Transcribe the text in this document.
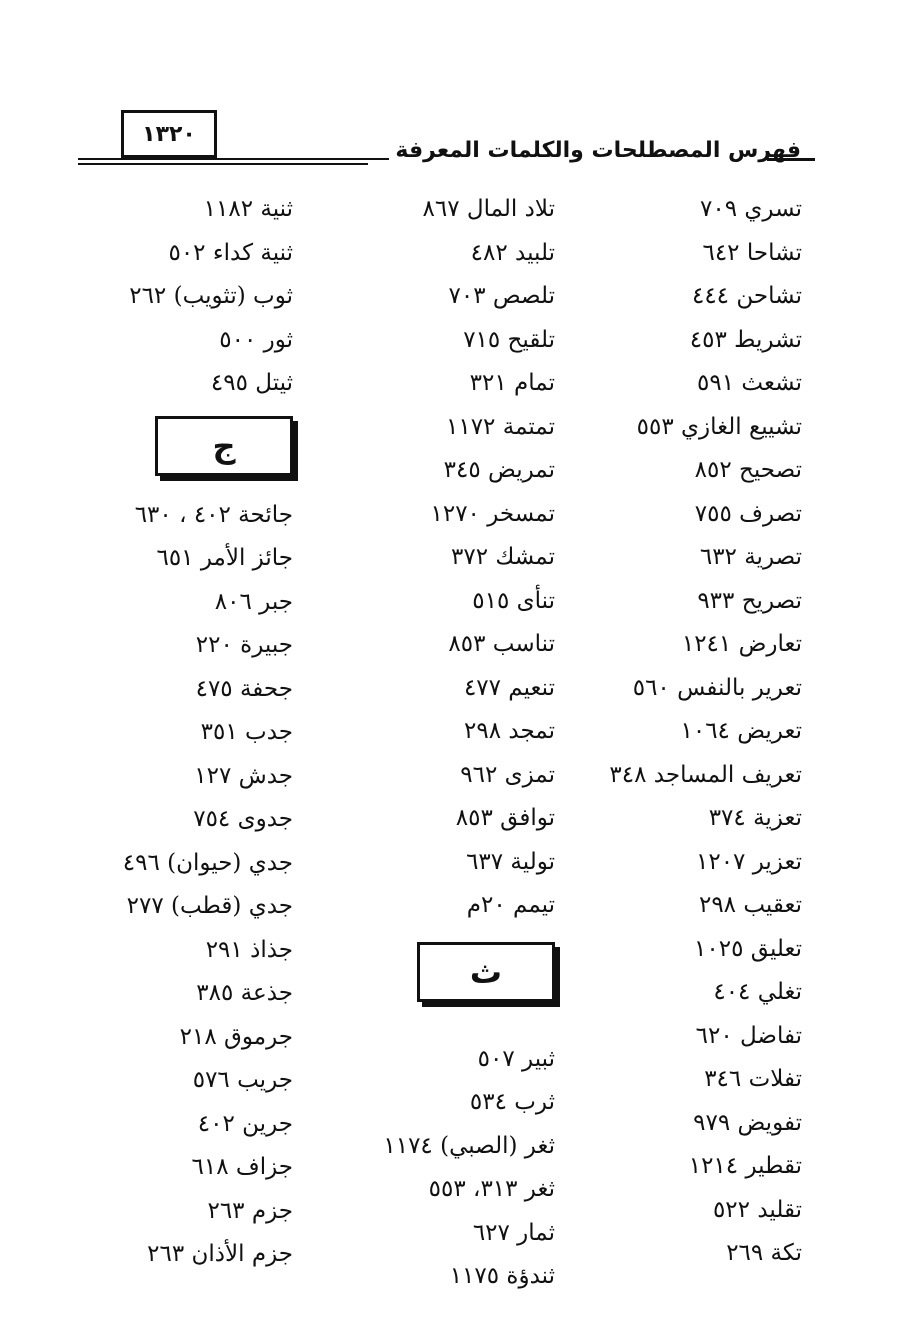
١٣٢٠
فهرس المصطلحات والكلمات المعرفة
تسري ٧٠٩
تشاحا ٦٤٢
تشاحن ٤٤٤
تشريط ٤٥٣
تشعث ٥٩١
تشييع الغازي ٥٥٣
تصحيح ٨٥٢
تصرف ٧٥٥
تصرية ٦٣٢
تصريح ٩٣٣
تعارض ١٢٤١
تعرير بالنفس ٥٦٠
تعريض ١٠٦٤
تعريف المساجد ٣٤٨
تعزية ٣٧٤
تعزير ١٢٠٧
تعقيب ٢٩٨
تعليق ١٠٢٥
تغلي ٤٠٤
تفاضل ٦٢٠
تفلات ٣٤٦
تفويض ٩٧٩
تقطير ١٢١٤
تقليد ٥٢٢
تكة ٢٦٩
تلاد المال ٨٦٧
تلبيد ٤٨٢
تلصص ٧٠٣
تلقيح ٧١٥
تمام ٣٢١
تمتمة ١١٧٢
تمريض ٣٤٥
تمسخر ١٢٧٠
تمشك ٣٧٢
تنأى ٥١٥
تناسب ٨٥٣
تنعيم ٤٧٧
تمجد ٢٩٨
تمزى ٩٦٢
توافق ٨٥٣
تولية ٦٣٧
تيمم ٢٠م
ث
ثبير ٥٠٧
ثرب ٥٣٤
ثغر (الصبي) ١١٧٤
ثغر ٣١٣، ٥٥٣
ثمار ٦٢٧
ثندؤة ١١٧٥
ثنية ١١٨٢
ثنية كداء ٥٠٢
ثوب (تثويب) ٢٦٢
ثور ٥٠٠
ثيتل ٤٩٥
ج
جائحة ٤٠٢ ، ٦٣٠
جائز الأمر ٦٥١
جبر ٨٠٦
جبيرة ٢٢٠
جحفة ٤٧٥
جدب ٣٥١
جدش ١٢٧
جدوى ٧٥٤
جدي (حيوان) ٤٩٦
جدي (قطب) ٢٧٧
جذاذ ٢٩١
جذعة ٣٨٥
جرموق ٢١٨
جريب ٥٧٦
جرين ٤٠٢
جزاف ٦١٨
جزم ٢٦٣
جزم الأذان ٢٦٣
